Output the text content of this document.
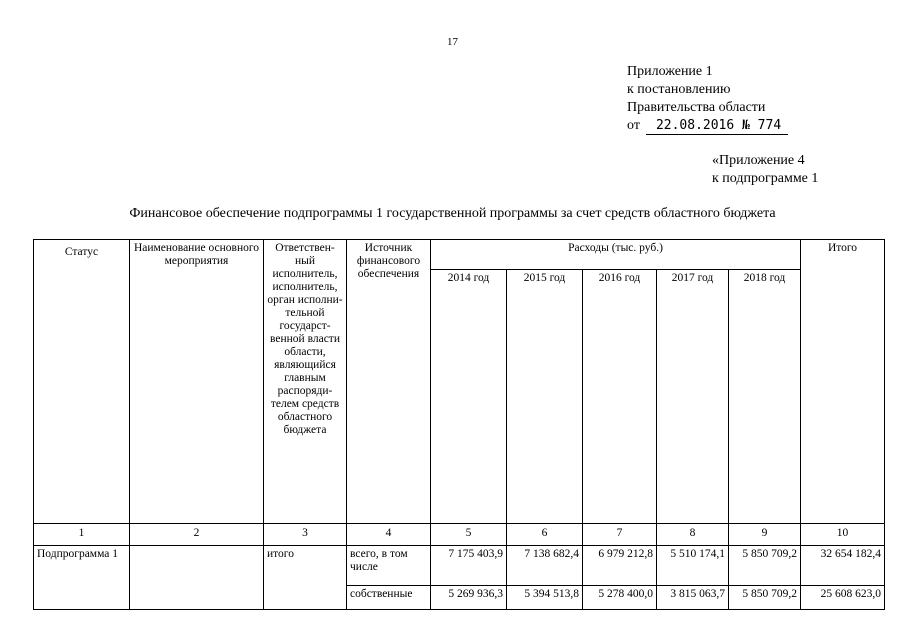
17
Приложение 1
к постановлению
Правительства области
от	22.08.2016 № 774
«Приложение 4
к подпрограмме 1
Финансовое обеспечение подпрограммы 1 государственной программы за счет средств областного бюджета
Статус	Наименование основного мероприятия	Ответствен-ный исполнитель, исполнитель, орган исполни-тельной государст-венной власти области, являющийся главным распоряди-телем средств областного бюджета	Источник финансового обеспечения	Расходы (тыс. руб.)					Итого
				2014 год	2015 год	2016 год	2017 год	2018 год	
1	2	3	4	5	6	7	8	9	10
Подпрограмма 1		итого	всего, в том числе	7 175 403,9	7 138 682,4	6 979 212,8	5 510 174,1	5 850 709,2	32 654 182,4
			собственные	5 269 936,3	5 394 513,8	5 278 400,0	3 815 063,7	5 850 709,2	25 608 623,0
